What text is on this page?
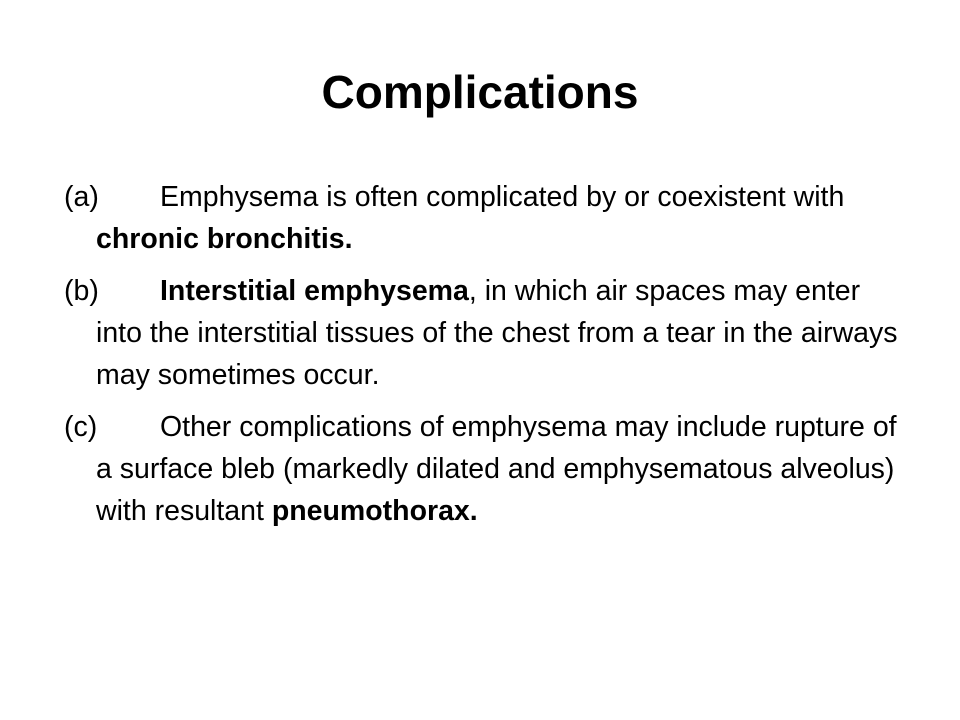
Complications

(a) Emphysema is often complicated by or coexistent with chronic bronchitis.

(b) Interstitial emphysema, in which air spaces may enter into the interstitial tissues of the chest from a tear in the airways may sometimes occur.

(c) Other complications of emphysema may include rupture of a surface bleb (markedly dilated and emphysematous alveolus) with resultant pneumothorax.
